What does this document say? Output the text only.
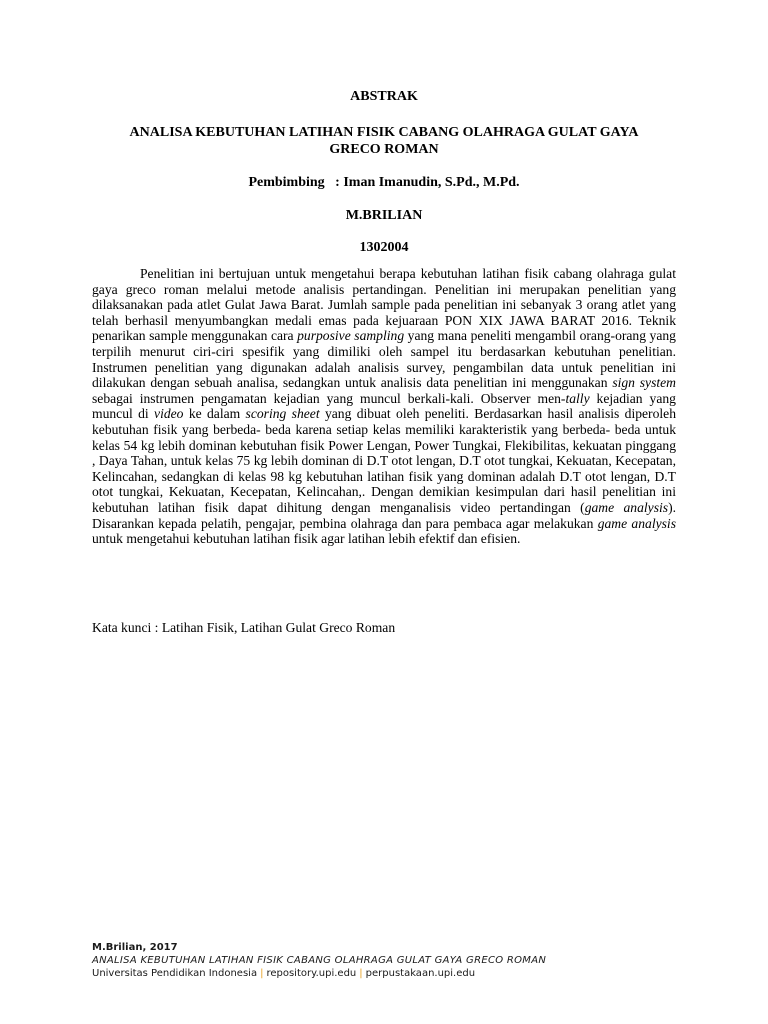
ABSTRAK
ANALISA KEBUTUHAN LATIHAN FISIK CABANG OLAHRAGA GULAT GAYA GRECO ROMAN
Pembimbing   : Iman Imanudin, S.Pd., M.Pd.
M.BRILIAN
1302004

Penelitian ini bertujuan untuk mengetahui berapa kebutuhan latihan fisik cabang olahraga gulat gaya greco roman melalui metode analisis pertandingan. Penelitian ini merupakan penelitian yang dilaksanakan pada atlet Gulat Jawa Barat. Jumlah sample pada penelitian ini sebanyak 3 orang atlet yang telah berhasil menyumbangkan medali emas pada kejuaraan PON XIX JAWA BARAT 2016. Teknik penarikan sample menggunakan cara purposive sampling yang mana peneliti mengambil orang-orang yang terpilih menurut ciri-ciri spesifik yang dimiliki oleh sampel itu berdasarkan kebutuhan penelitian. Instrumen penelitian yang digunakan adalah analisis survey, pengambilan data untuk penelitian ini dilakukan dengan sebuah analisa, sedangkan untuk analisis data penelitian ini menggunakan sign system sebagai instrumen pengamatan kejadian yang muncul berkali-kali. Observer men-tally kejadian yang muncul di video ke dalam scoring sheet yang dibuat oleh peneliti. Berdasarkan hasil analisis diperoleh kebutuhan fisik yang berbeda- beda karena setiap kelas memiliki karakteristik yang berbeda- beda untuk kelas 54 kg lebih dominan kebutuhan fisik Power Lengan, Power Tungkai, Flekibilitas, kekuatan pinggang , Daya Tahan, untuk kelas 75 kg lebih dominan di D.T otot lengan, D.T otot tungkai, Kekuatan, Kecepatan, Kelincahan, sedangkan di kelas 98 kg kebutuhan latihan fisik yang dominan adalah D.T otot lengan, D.T otot tungkai, Kekuatan, Kecepatan, Kelincahan,. Dengan demikian kesimpulan dari hasil penelitian ini kebutuhan latihan fisik dapat dihitung dengan menganalisis video pertandingan (game analysis). Disarankan kepada pelatih, pengajar, pembina olahraga dan para pembaca agar melakukan game analysis untuk mengetahui kebutuhan latihan fisik agar latihan lebih efektif dan efisien.

Kata kunci : Latihan Fisik, Latihan Gulat Greco Roman

M.Brilian, 2017
ANALISA KEBUTUHAN LATIHAN FISIK CABANG OLAHRAGA GULAT GAYA GRECO ROMAN
Universitas Pendidikan Indonesia | repository.upi.edu | perpustakaan.upi.edu
